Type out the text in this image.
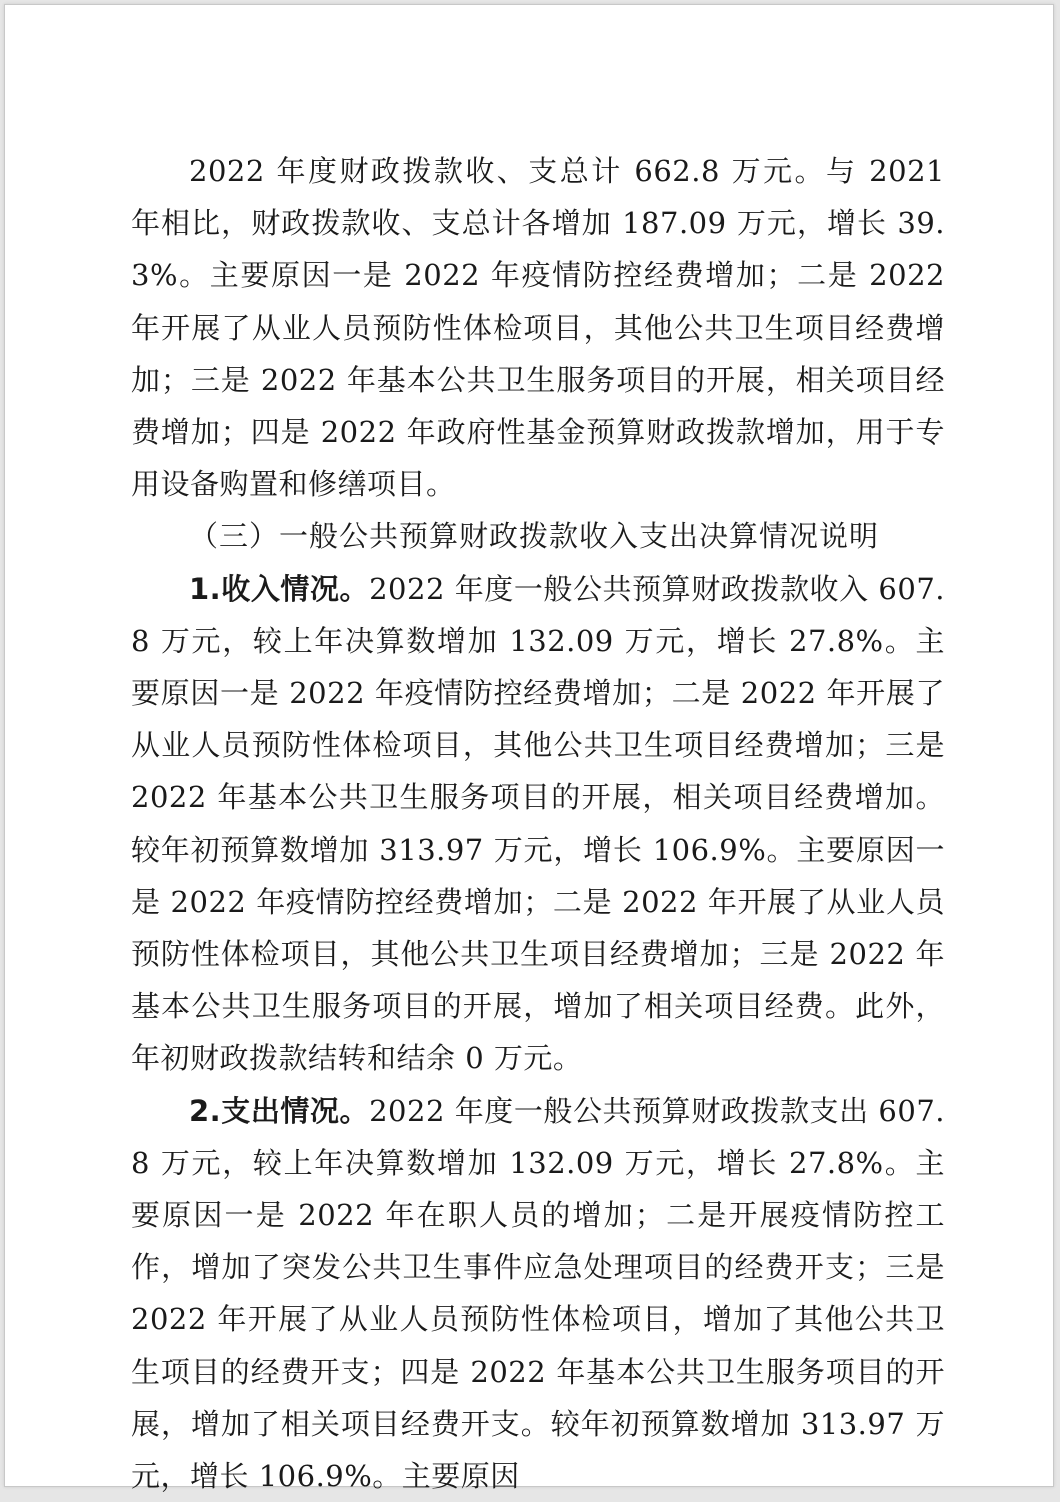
2022 年度财政拨款收、支总计 662.8 万元。与 2021 年相比，财政拨款收、支总计各增加 187.09 万元，增长 39.3%。主要原因一是 2022 年疫情防控经费增加；二是 2022 年开展了从业人员预防性体检项目，其他公共卫生项目经费增加；三是 2022 年基本公共卫生服务项目的开展，相关项目经费增加；四是 2022 年政府性基金预算财政拨款增加，用于专用设备购置和修缮项目。

（三）一般公共预算财政拨款收入支出决算情况说明

1.收入情况。2022 年度一般公共预算财政拨款收入 607.8 万元，较上年决算数增加 132.09 万元，增长 27.8%。主要原因一是 2022 年疫情防控经费增加；二是 2022 年开展了从业人员预防性体检项目，其他公共卫生项目经费增加；三是 2022 年基本公共卫生服务项目的开展，相关项目经费增加。较年初预算数增加 313.97 万元，增长 106.9%。主要原因一是 2022 年疫情防控经费增加；二是 2022 年开展了从业人员预防性体检项目，其他公共卫生项目经费增加；三是 2022 年基本公共卫生服务项目的开展，增加了相关项目经费。此外，年初财政拨款结转和结余 0 万元。

2.支出情况。2022 年度一般公共预算财政拨款支出 607.8 万元，较上年决算数增加 132.09 万元，增长 27.8%。主要原因一是 2022 年在职人员的增加；二是开展疫情防控工作，增加了突发公共卫生事件应急处理项目的经费开支；三是 2022 年开展了从业人员预防性体检项目，增加了其他公共卫生项目的经费开支；四是 2022 年基本公共卫生服务项目的开展，增加了相关项目经费开支。较年初预算数增加 313.97 万元，增长 106.9%。主要原因
